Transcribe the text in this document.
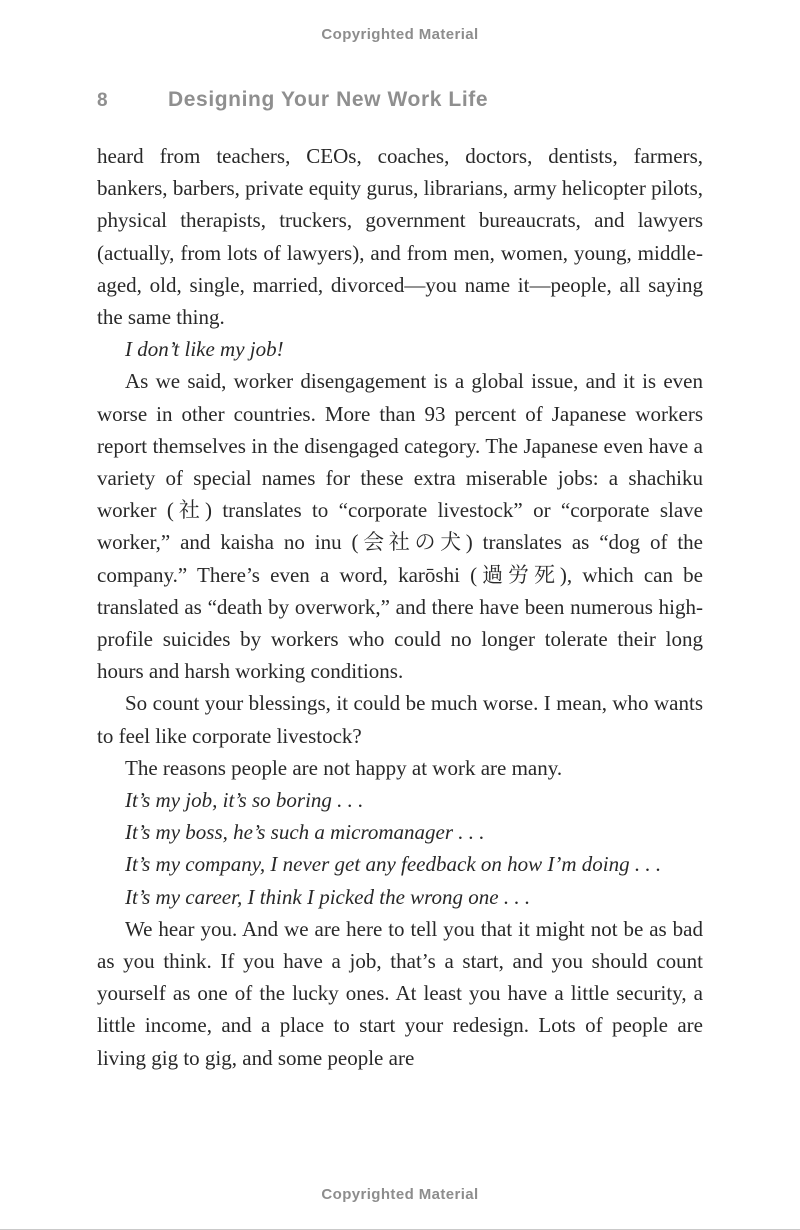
Copyrighted Material
8	Designing Your New Work Life

heard from teachers, CEOs, coaches, doctors, dentists, farmers, bankers, barbers, private equity gurus, librarians, army helicopter pilots, physical therapists, truckers, government bureaucrats, and lawyers (actually, from lots of lawyers), and from men, women, young, middle-aged, old, single, married, divorced—you name it—people, all saying the same thing.

I don’t like my job!

As we said, worker disengagement is a global issue, and it is even worse in other countries. More than 93 percent of Japanese workers report themselves in the disengaged category. The Japanese even have a variety of special names for these extra miserable jobs: a shachiku worker (社) translates to “corporate livestock” or “corporate slave worker,” and kaisha no inu (会社の犬) translates as “dog of the company.” There’s even a word, karōshi (過労死), which can be translated as “death by overwork,” and there have been numerous high-profile suicides by workers who could no longer tolerate their long hours and harsh working conditions.

So count your blessings, it could be much worse. I mean, who wants to feel like corporate livestock?

The reasons people are not happy at work are many.

It’s my job, it’s so boring . . .

It’s my boss, he’s such a micromanager . . .

It’s my company, I never get any feedback on how I’m doing . . .

It’s my career, I think I picked the wrong one . . .

We hear you. And we are here to tell you that it might not be as bad as you think. If you have a job, that’s a start, and you should count yourself as one of the lucky ones. At least you have a little security, a little income, and a place to start your redesign. Lots of people are living gig to gig, and some people are

Copyrighted Material
